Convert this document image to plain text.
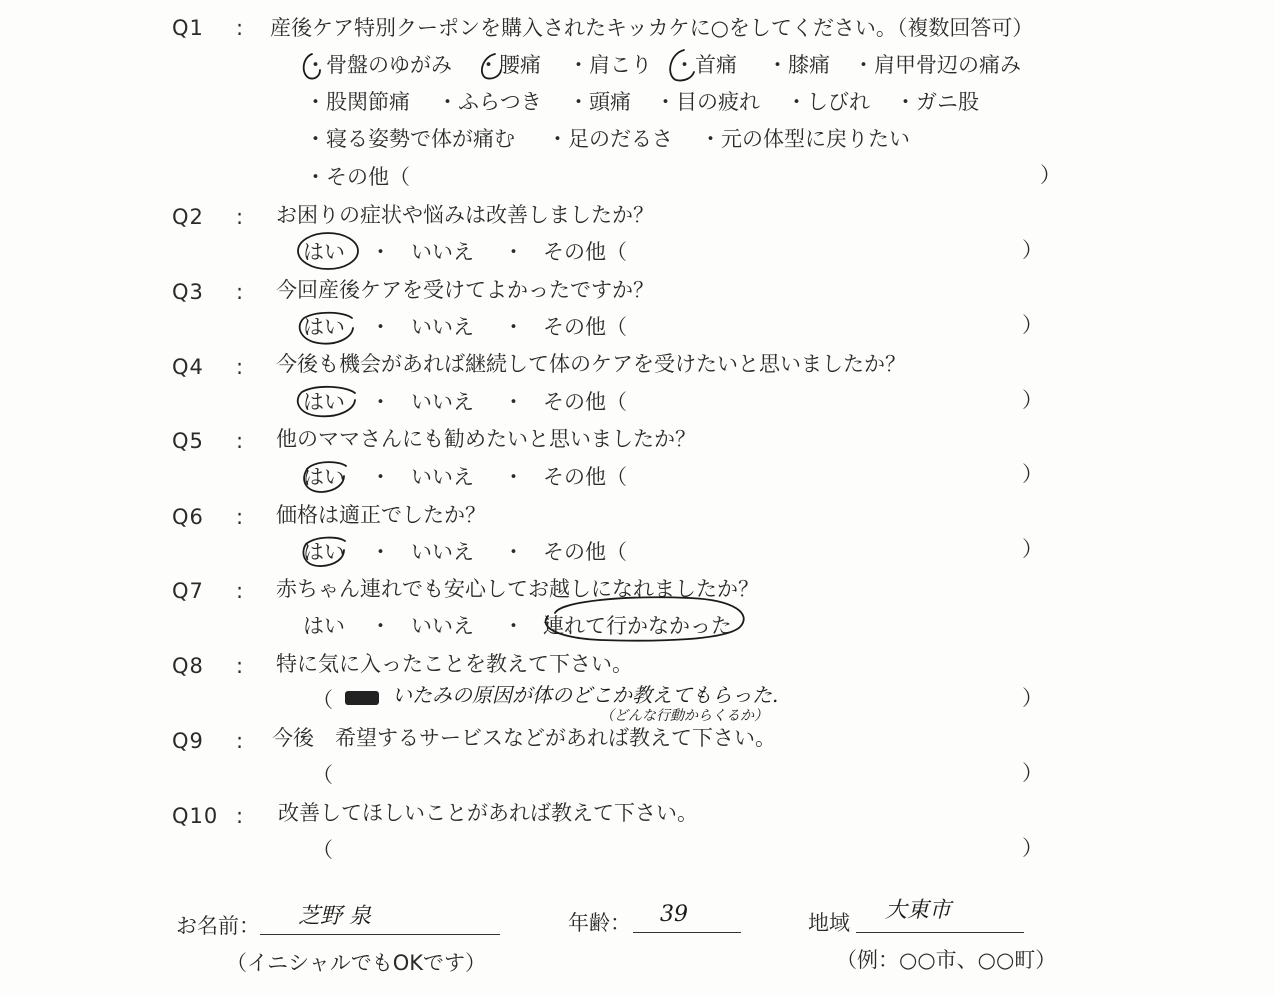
Q1 : 産後ケア特別クーポンを購入されたキッカケに○をしてください。（複数回答可）
・骨盤のゆがみ ・腰痛 ・肩こり ・首痛 ・膝痛 ・肩甲骨辺の痛み
・股関節痛 ・ふらつき ・頭痛 ・目の疲れ ・しびれ ・ガニ股
・寝る姿勢で体が痛む ・足のだるさ ・元の体型に戻りたい
・その他（	）
Q2 : お困りの症状や悩みは改善しましたか？
はい ・ いいえ ・ その他（	）
Q3 : 今回産後ケアを受けてよかったですか？
はい ・ いいえ ・ その他（	）
Q4 : 今後も機会があれば継続して体のケアを受けたいと思いましたか？
はい ・ いいえ ・ その他（	）
Q5 : 他のママさんにも勧めたいと思いましたか？
はい ・ いいえ ・ その他（	）
Q6 : 価格は適正でしたか？
はい ・ いいえ ・ その他（	）
Q7 : 赤ちゃん連れでも安心してお越しになれましたか？
はい ・ いいえ ・ 連れて行かなかった
Q8 : 特に気に入ったことを教えて下さい。
（	いたみの原因が体のどこか教えてもらった.
（どんな行動からくるか）
）
Q9 : 今後　希望するサービスなどがあれば教えて下さい。
（	）
Q10 : 改善してほしいことがあれば教えて下さい。
（	）
お名前： 芝野 泉
（イニシャルでもOKです）
年齢： 39	地域 大東市
（例：○○市、○○町）
